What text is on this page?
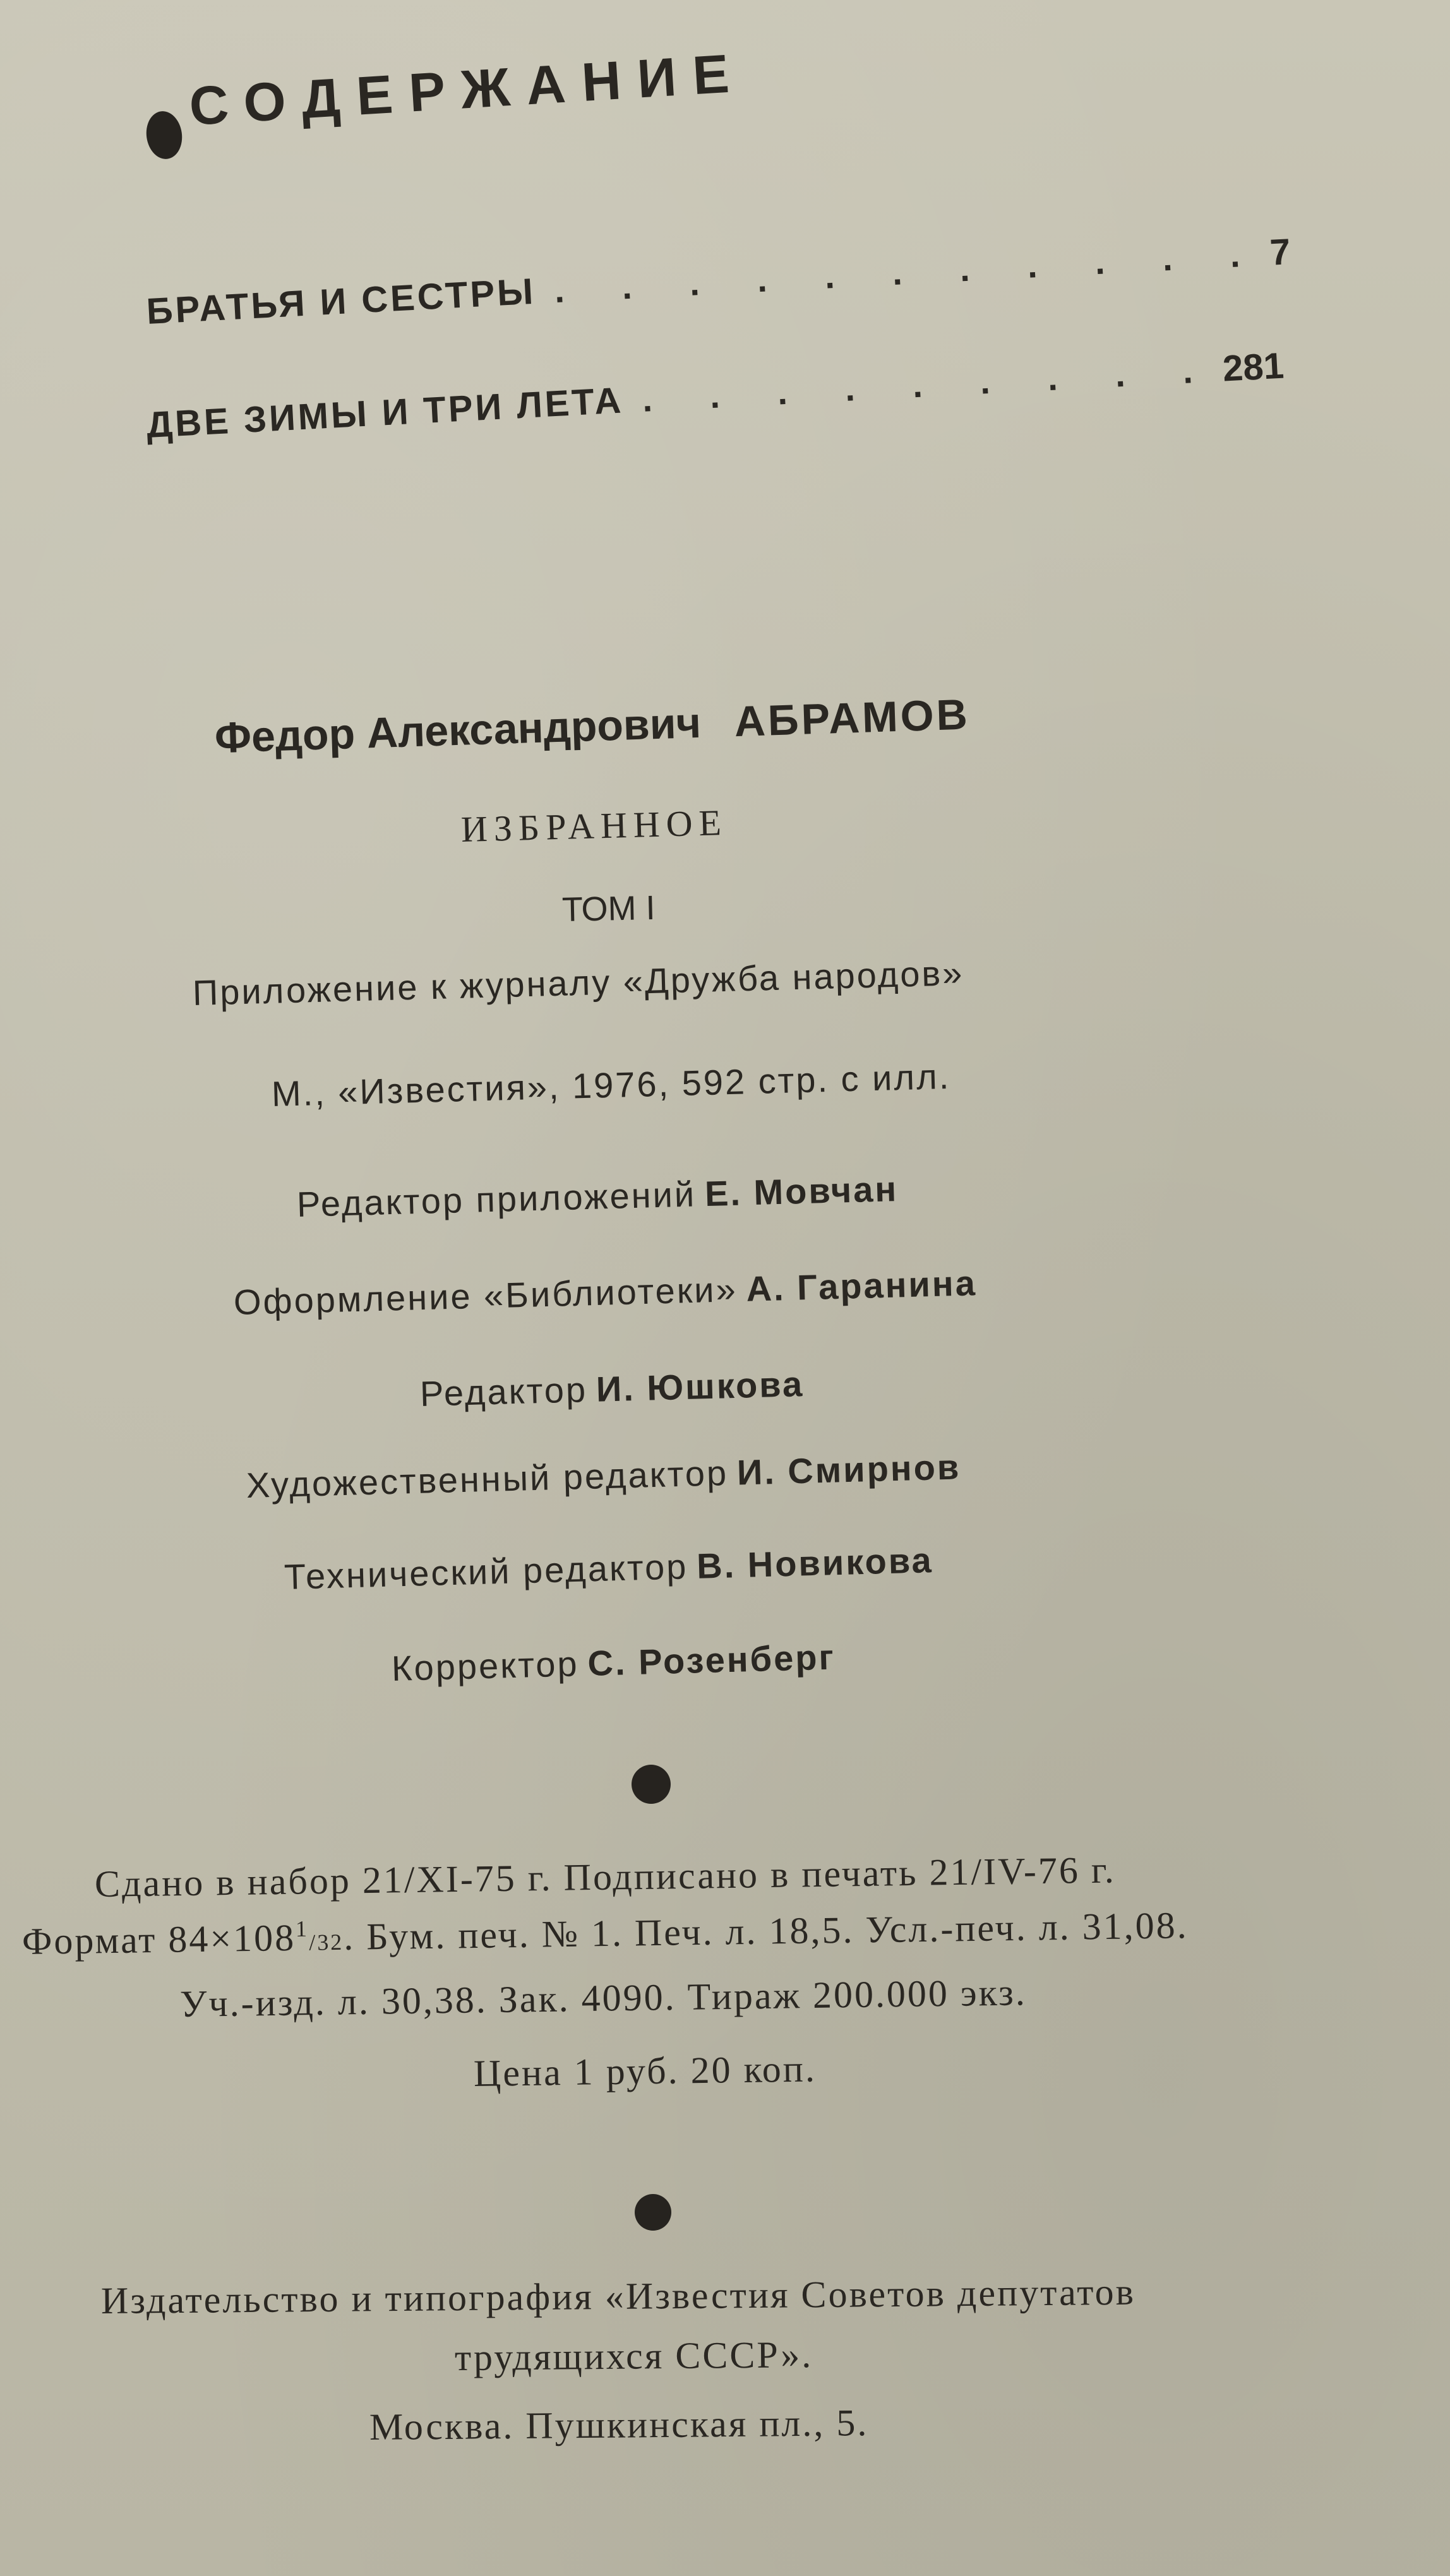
СОДЕРЖАНИЕ
БРАТЬЯ И СЕСТРЫ . . . . . . . . . . . 7
ДВЕ ЗИМЫ И ТРИ ЛЕТА . . . . . . . . . 281
Федор Александрович АБРАМОВ
ИЗБРАННОЕ
ТОМ I
Приложение к журналу «Дружба народов»
М., «Известия», 1976, 592 стр. с илл.
Редактор приложений Е. Мовчан
Оформление «Библиотеки» А. Гаранина
Редактор И. Юшкова
Художественный редактор И. Смирнов
Технический редактор В. Новикова
Корректор С. Розенберг
Сдано в набор 21/XI-75 г. Подписано в печать 21/IV-76 г.
Формат $84\times 108^1/32$. Бум. печ. № 1. Печ. л. 18,5. Усл.-печ. л. 31,08.
Уч.-изд. л. 30,38. Зак. 4090. Тираж 200.000 экз.
Цена 1 руб. 20 коп.
Издательство и типография «Известия Советов депутатов
трудящихся СССР».
Москва. Пушкинская пл., 5.
